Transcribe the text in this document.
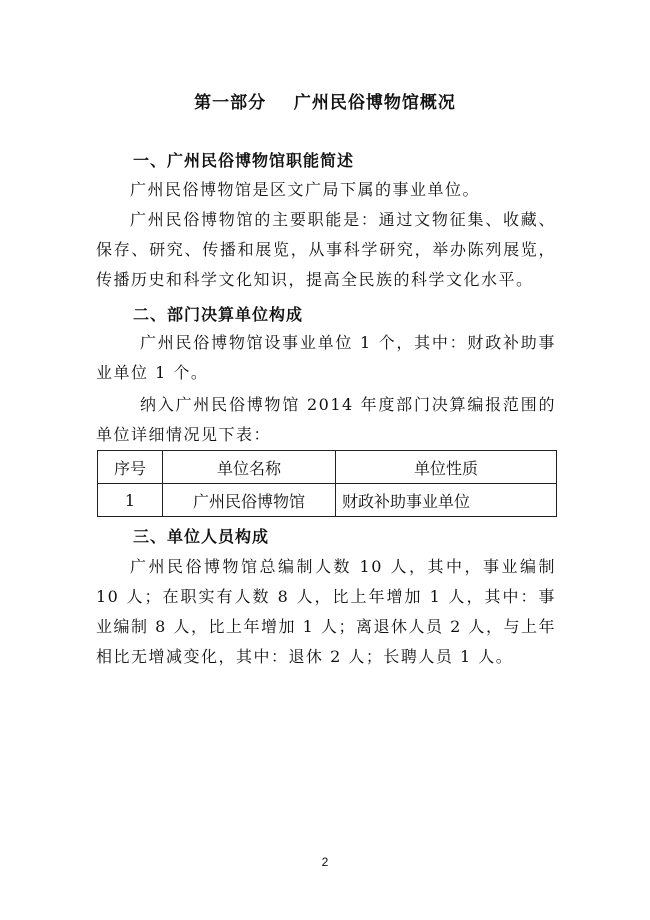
第一部分    广州民俗博物馆概况
一、广州民俗博物馆职能简述

广州民俗博物馆是区文广局下属的事业单位。

广州民俗博物馆的主要职能是：通过文物征集、收藏、保存、研究、传播和展览，从事科学研究，举办陈列展览，传播历史和科学文化知识，提高全民族的科学文化水平。

二、部门决算单位构成

广州民俗博物馆设事业单位 1 个，其中：财政补助事业单位 1 个。

纳入广州民俗博物馆 2014 年度部门决算编报范围的单位详细情况见下表：

序号	单位名称	单位性质
1	广州民俗博物馆	财政补助事业单位
三、单位人员构成

广州民俗博物馆总编制人数 10 人，其中，事业编制 10 人；在职实有人数 8 人，比上年增加 1 人，其中：事业编制 8 人，比上年增加 1 人；离退休人员 2 人，与上年相比无增减变化，其中：退休 2 人；长聘人员 1 人。

2
